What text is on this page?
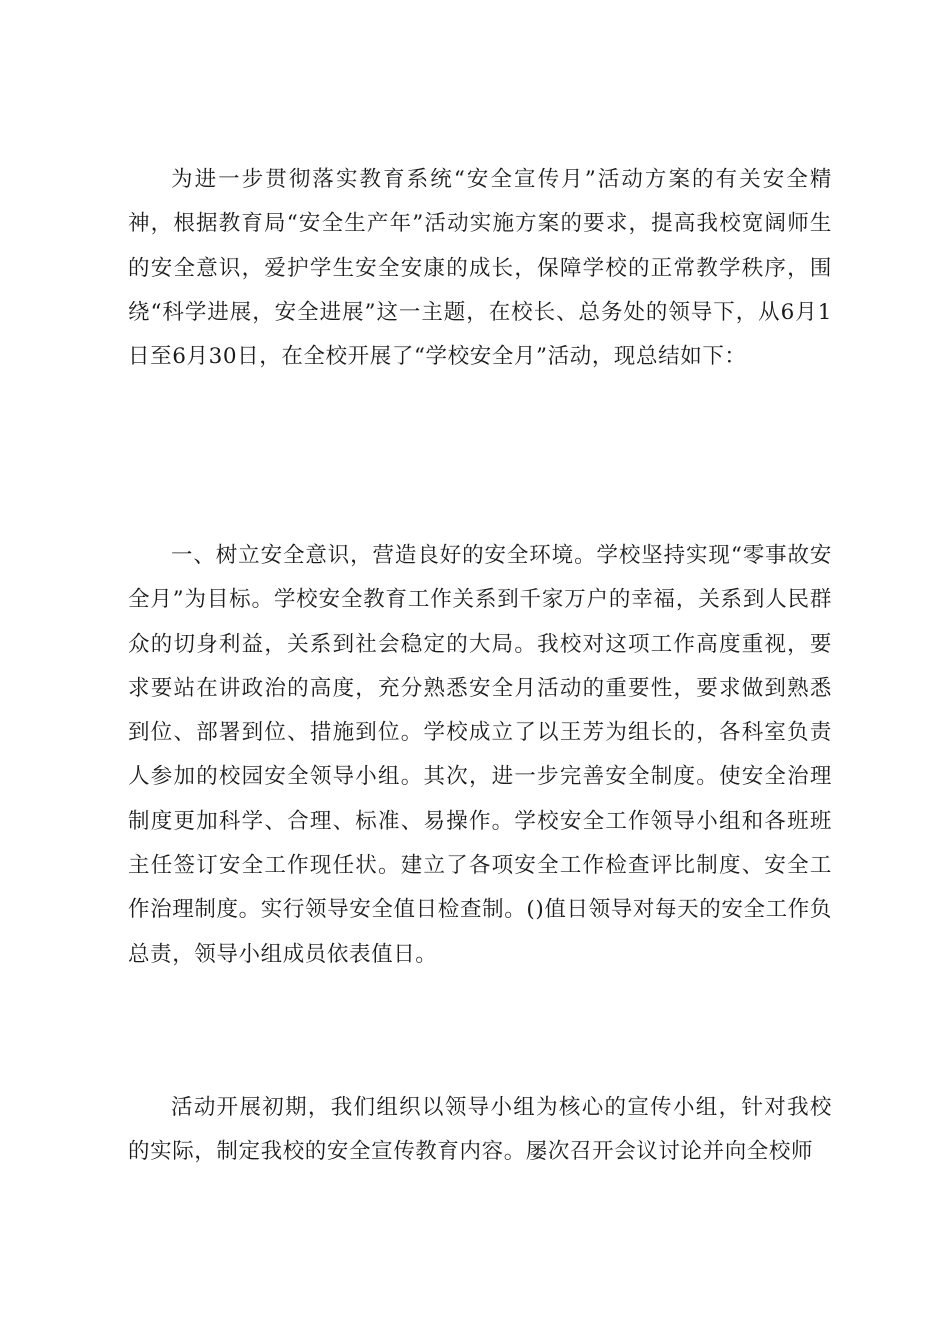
为进一步贯彻落实教育系统“安全宣传月”活动方案的有关安全精神，根据教育局“安全生产年”活动实施方案的要求，提高我校宽阔师生的安全意识，爱护学生安全安康的成长，保障学校的正常教学秩序，围绕“科学进展，安全进展”这一主题，在校长、总务处的领导下，从6月1日至6月30日，在全校开展了“学校安全月”活动，现总结如下：

一、树立安全意识，营造良好的安全环境。学校坚持实现“零事故安全月”为目标。学校安全教育工作关系到千家万户的幸福，关系到人民群众的切身利益，关系到社会稳定的大局。我校对这项工作高度重视，要求要站在讲政治的高度，充分熟悉安全月活动的重要性，要求做到熟悉到位、部署到位、措施到位。学校成立了以王芳为组长的，各科室负责人参加的校园安全领导小组。其次，进一步完善安全制度。使安全治理制度更加科学、合理、标准、易操作。学校安全工作领导小组和各班班主任签订安全工作现任状。建立了各项安全工作检查评比制度、安全工作治理制度。实行领导安全值日检查制。()值日领导对每天的安全工作负总责，领导小组成员依表值日。

活动开展初期，我们组织以领导小组为核心的宣传小组，针对我校的实际，制定我校的安全宣传教育内容。屡次召开会议讨论并向全校师
